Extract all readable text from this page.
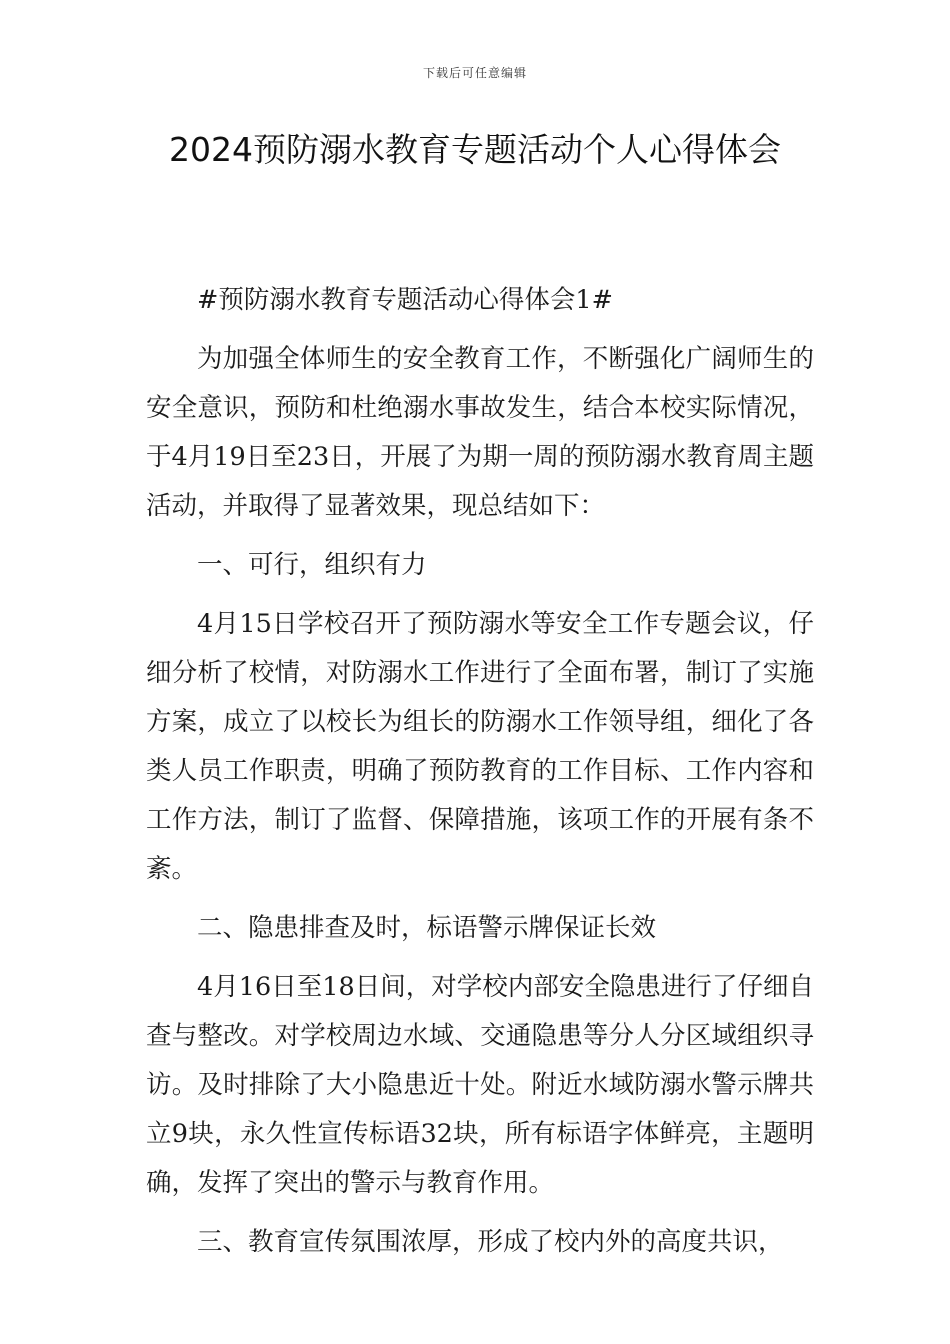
下载后可任意编辑
2024预防溺水教育专题活动个人心得体会

#预防溺水教育专题活动心得体会1#

为加强全体师生的安全教育工作，不断强化广阔师生的安全意识，预防和杜绝溺水事故发生，结合本校实际情况，于4月19日至23日，开展了为期一周的预防溺水教育周主题活动，并取得了显著效果，现总结如下：

一、可行，组织有力

4月15日学校召开了预防溺水等安全工作专题会议，仔细分析了校情，对防溺水工作进行了全面布署，制订了实施方案，成立了以校长为组长的防溺水工作领导组，细化了各类人员工作职责，明确了预防教育的工作目标、工作内容和工作方法，制订了监督、保障措施，该项工作的开展有条不紊。

二、隐患排查及时，标语警示牌保证长效

4月16日至18日间，对学校内部安全隐患进行了仔细自查与整改。对学校周边水域、交通隐患等分人分区域组织寻访。及时排除了大小隐患近十处。附近水域防溺水警示牌共立9块，永久性宣传标语32块，所有标语字体鲜亮，主题明确，发挥了突出的警示与教育作用。

三、教育宣传氛围浓厚，形成了校内外的高度共识，
